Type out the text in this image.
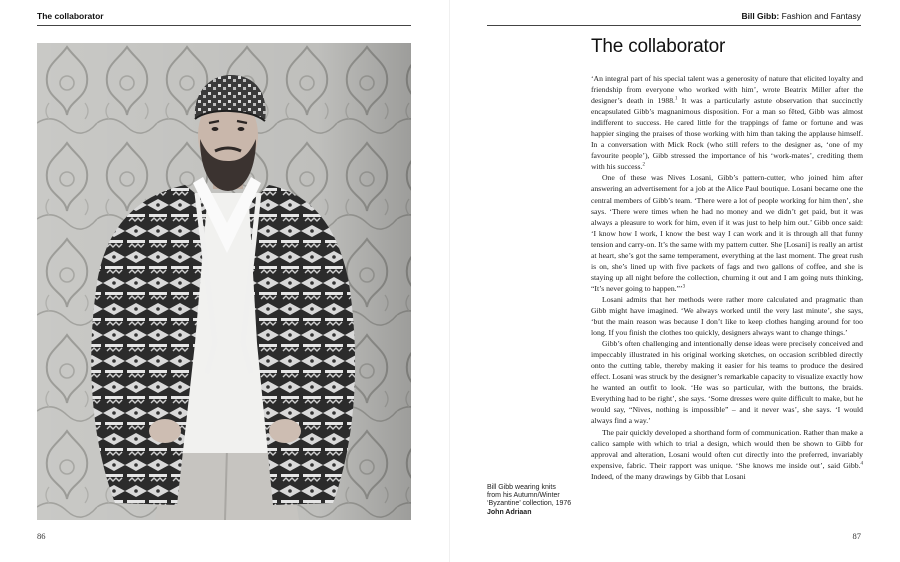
The collaborator
86
Bill Gibb: Fashion and Fantasy
87
Bill Gibb wearing knits
from his Autumn/Winter
‘Byzantine’ collection, 1976
John Adriaan
The collaborator

‘An integral part of his special talent was a generosity of nature that elicited loyalty and friendship from everyone who worked with him’, wrote Beatrix Miller after the designer’s death in 1988.$^1$ It was a particularly astute observation that succinctly encapsulated Gibb’s magnanimous disposition. For a man so fêted, Gibb was almost indifferent to success. He cared little for the trappings of fame or fortune and was happier singing the praises of those working with him than taking the applause himself. In a conversation with Mick Rock (who still refers to the designer as, ‘one of my favourite people’), Gibb stressed the importance of his ‘work-mates’, crediting them with his success.$^2$

One of these was Nives Losani, Gibb’s pattern-cutter, who joined him after answering an advertisement for a job at the Alice Paul boutique. Losani became one the central members of Gibb’s team. ‘There were a lot of people working for him then’, she says. ‘There were times when he had no money and we didn’t get paid, but it was always a pleasure to work for him, even if it was just to help him out.’ Gibb once said: ‘I know how I work, I know the best way I can work and it is through all that funny tension and carry-on. It’s the same with my pattern cutter. She [Losani] is really an artist at heart, she’s got the same temperament, everything at the last moment. The great rush is on, she’s lined up with five packets of fags and two gallons of coffee, and she is staying up all night before the collection, churning it out and I am going nuts thinking, “It’s never going to happen.”’$^3$

Losani admits that her methods were rather more calculated and pragmatic than Gibb might have imagined. ‘We always worked until the very last minute’, she says, ‘but the main reason was because I don’t like to keep clothes hanging around for too long. If you finish the clothes too quickly, designers always want to change things.’

Gibb’s often challenging and intentionally dense ideas were precisely conceived and impeccably illustrated in his original working sketches, on occasion scribbled directly onto the cutting table, thereby making it easier for his teams to produce the desired effect. Losani was struck by the designer’s remarkable capacity to visualize exactly how he wanted an outfit to look. ‘He was so particular, with the buttons, the braids. Everything had to be right’, she says. ‘Some dresses were quite difficult to make, but he would say, “Nives, nothing is impossible” – and it never was’, she says. ‘I would always find a way.’

The pair quickly developed a shorthand form of communication. Rather than make a calico sample with which to trial a design, which would then be shown to Gibb for approval and alteration, Losani would often cut directly into the preferred, invariably expensive, fabric. Their rapport was unique. ‘She knows me inside out’, said Gibb.$^4$ Indeed, of the many drawings by Gibb that Losani
